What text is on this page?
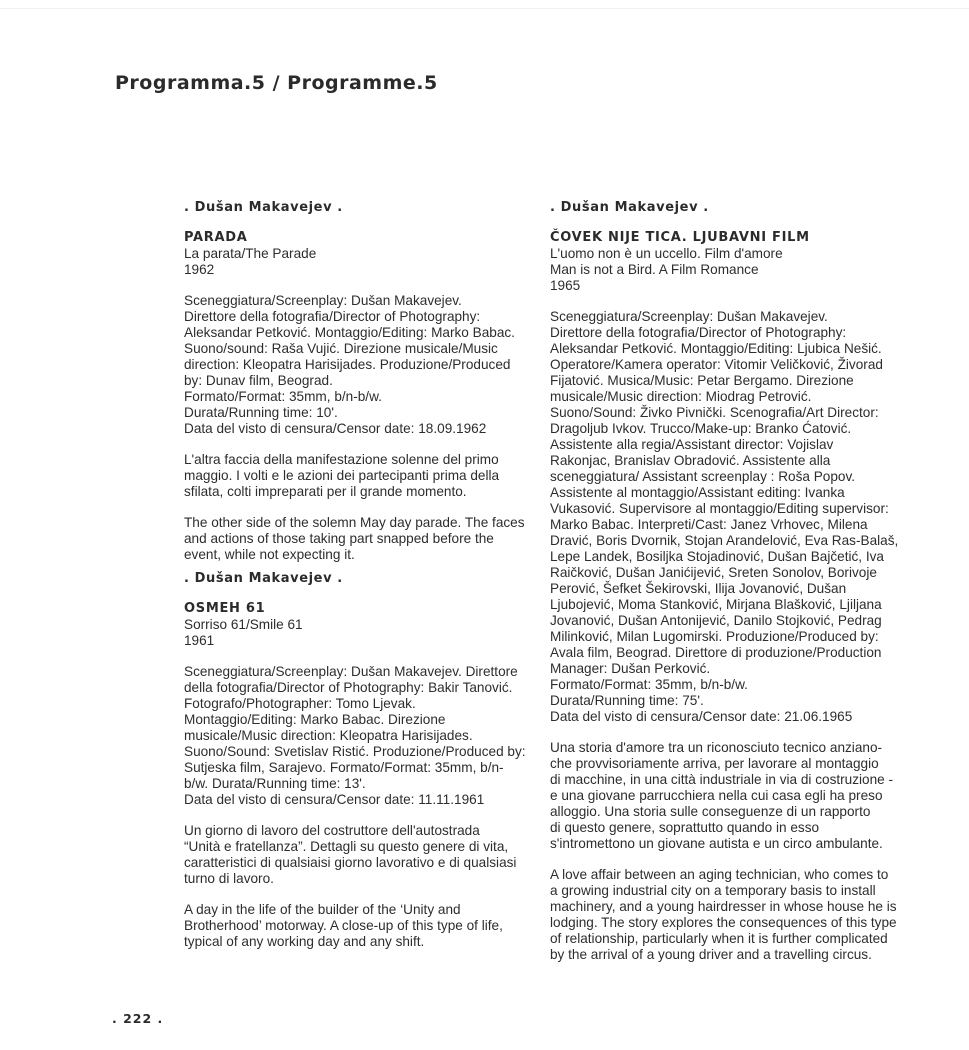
Programma.5 / Programme.5
. Dušan Makavejev .
PARADA
La parata/The Parade
1962
Sceneggiatura/Screenplay: Dušan Makavejev.
Direttore della fotografia/Director of Photography:
Aleksandar Petković. Montaggio/Editing: Marko Babac.
Suono/sound: Raša Vujić. Direzione musicale/Music
direction: Kleopatra Harisijades. Produzione/Produced
by: Dunav film, Beograd.
Formato/Format: 35mm, b/n-b/w.
Durata/Running time: 10'.
Data del visto di censura/Censor date: 18.09.1962
L'altra faccia della manifestazione solenne del primo
maggio. I volti e le azioni dei partecipanti prima della
sfilata, colti impreparati per il grande momento.
The other side of the solemn May day parade. The faces
and actions of those taking part snapped before the
event, while not expecting it.
. Dušan Makavejev .
OSMEH 61
Sorriso 61/Smile 61
1961
Sceneggiatura/Screenplay: Dušan Makavejev. Direttore
della fotografia/Director of Photography: Bakir Tanović.
Fotografo/Photographer: Tomo Ljevak.
Montaggio/Editing: Marko Babac. Direzione
musicale/Music direction: Kleopatra Harisijades.
Suono/Sound: Svetislav Ristić. Produzione/Produced by:
Sutjeska film, Sarajevo. Formato/Format: 35mm, b/n-
b/w. Durata/Running time: 13'.
Data del visto di censura/Censor date: 11.11.1961
Un giorno di lavoro del costruttore dell'autostrada
“Unità e fratellanza”. Dettagli su questo genere di vita,
caratteristici di qualsiaisi giorno lavorativo e di qualsiasi
turno di lavoro.
A day in the life of the builder of the ‘Unity and
Brotherhood’ motorway. A close-up of this type of life,
typical of any working day and any shift.
. Dušan Makavejev .
ČOVEK NIJE TICA. LJUBAVNI FILM
L'uomo non è un uccello. Film d'amore
Man is not a Bird. A Film Romance
1965
Sceneggiatura/Screenplay: Dušan Makavejev.
Direttore della fotografia/Director of Photography:
Aleksandar Petković. Montaggio/Editing: Ljubica Nešić.
Operatore/Kamera operator: Vitomir Veličković, Živorad
Fijatović. Musica/Music: Petar Bergamo. Direzione
musicale/Music direction: Miodrag Petrović.
Suono/Sound: Živko Pivnički. Scenografia/Art Director:
Dragoljub Ivkov. Trucco/Make-up: Branko Ćatović.
Assistente alla regia/Assistant director: Vojislav
Rakonjac, Branislav Obradović. Assistente alla
sceneggiatura/ Assistant screenplay : Roša Popov.
Assistente al montaggio/Assistant editing: Ivanka
Vukasović. Supervisore al montaggio/Editing supervisor:
Marko Babac. Interpreti/Cast: Janez Vrhovec, Milena
Dravić, Boris Dvornik, Stojan Arandelović, Eva Ras-Balaš,
Lepe Landek, Bosiljka Stojadinović, Dušan Bajčetić, Iva
Raičković, Dušan Janićijević, Sreten Sonolov, Borivoje
Perović, Šefket Šekirovski, Ilija Jovanović, Dušan
Ljubojević, Moma Stanković, Mirjana Blašković, Ljiljana
Jovanović, Dušan Antonijević, Danilo Stojković, Pedrag
Milinković, Milan Lugomirski. Produzione/Produced by:
Avala film, Beograd. Direttore di produzione/Production
Manager: Dušan Perković.
Formato/Format: 35mm, b/n-b/w.
Durata/Running time: 75'.
Data del visto di censura/Censor date: 21.06.1965
Una storia d'amore tra un riconosciuto tecnico anziano-
che provvisoriamente arriva, per lavorare al montaggio
di macchine, in una città industriale in via di costruzione -
e una giovane parrucchiera nella cui casa egli ha preso
alloggio. Una storia sulle conseguenze di un rapporto
di questo genere, soprattutto quando in esso
s'intromettono un giovane autista e un circo ambulante.
A love affair between an aging technician, who comes to
a growing industrial city on a temporary basis to install
machinery, and a young hairdresser in whose house he is
lodging. The story explores the consequences of this type
of relationship, particularly when it is further complicated
by the arrival of a young driver and a travelling circus.
. 222 .
